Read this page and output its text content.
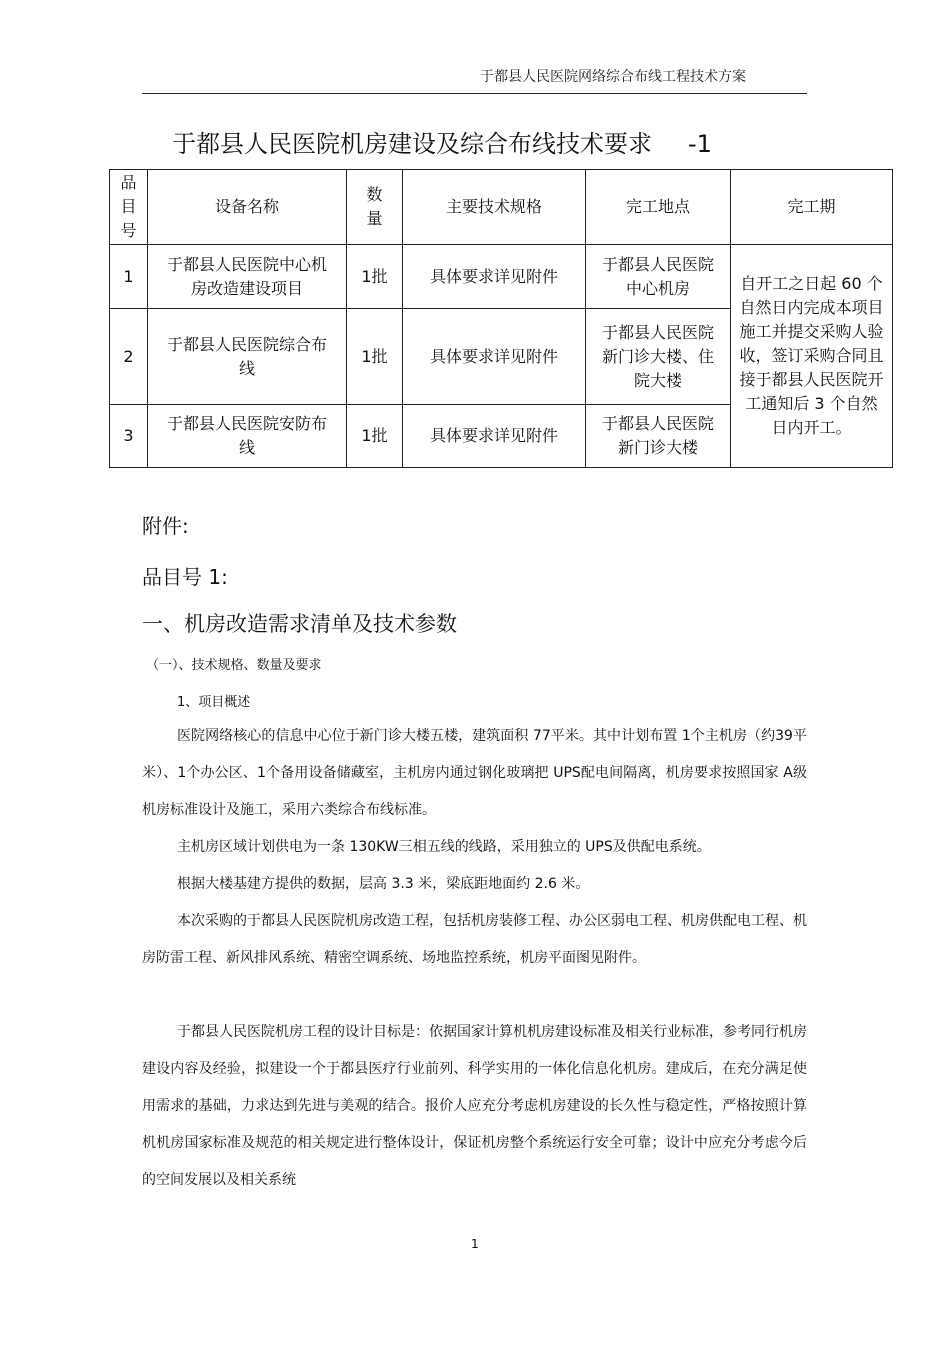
于都县人民医院网络综合布线工程技术方案
于都县人民医院机房建设及综合布线技术要求 -1
品目号	设备名称	数量	主要技术规格	完工地点	完工期
1	于都县人民医院中心机房改造建设项目	1批	具体要求详见附件	于都县人民医院中心机房	自开工之日起 60 个自然日内完成本项目施工并提交采购人验收，签订采购合同且接于都县人民医院开工通知后 3 个自然日内开工。
2	于都县人民医院综合布线	1批	具体要求详见附件	于都县人民医院新门诊大楼、住院大楼	
3	于都县人民医院安防布线	1批	具体要求详见附件	于都县人民医院新门诊大楼	
附件:
品目号 1:
一、机房改造需求清单及技术参数
（一）、技术规格、数量及要求
1、项目概述

医院网络核心的信息中心位于新门诊大楼五楼，建筑面积 77平米。其中计划布置 1个主机房（约39平米）、1个办公区、1个备用设备储藏室，主机房内通过钢化玻璃把 UPS配电间隔离，机房要求按照国家 A级机房标准设计及施工，采用六类综合布线标准。

主机房区域计划供电为一条 130KW三相五线的线路，采用独立的 UPS及供配电系统。

根据大楼基建方提供的数据，层高 3.3 米，梁底距地面约 2.6 米。

本次采购的于都县人民医院机房改造工程，包括机房装修工程、办公区弱电工程、机房供配电工程、机房防雷工程、新风排风系统、精密空调系统、场地监控系统，机房平面图见附件。

于都县人民医院机房工程的设计目标是：依据国家计算机机房建设标准及相关行业标准，参考同行机房建设内容及经验，拟建设一个于都县医疗行业前列、科学实用的一体化信息化机房。建成后，在充分满足使用需求的基础，力求达到先进与美观的结合。报价人应充分考虑机房建设的长久性与稳定性，严格按照计算机机房国家标准及规范的相关规定进行整体设计，保证机房整个系统运行安全可靠；设计中应充分考虑今后的空间发展以及相关系统

1
